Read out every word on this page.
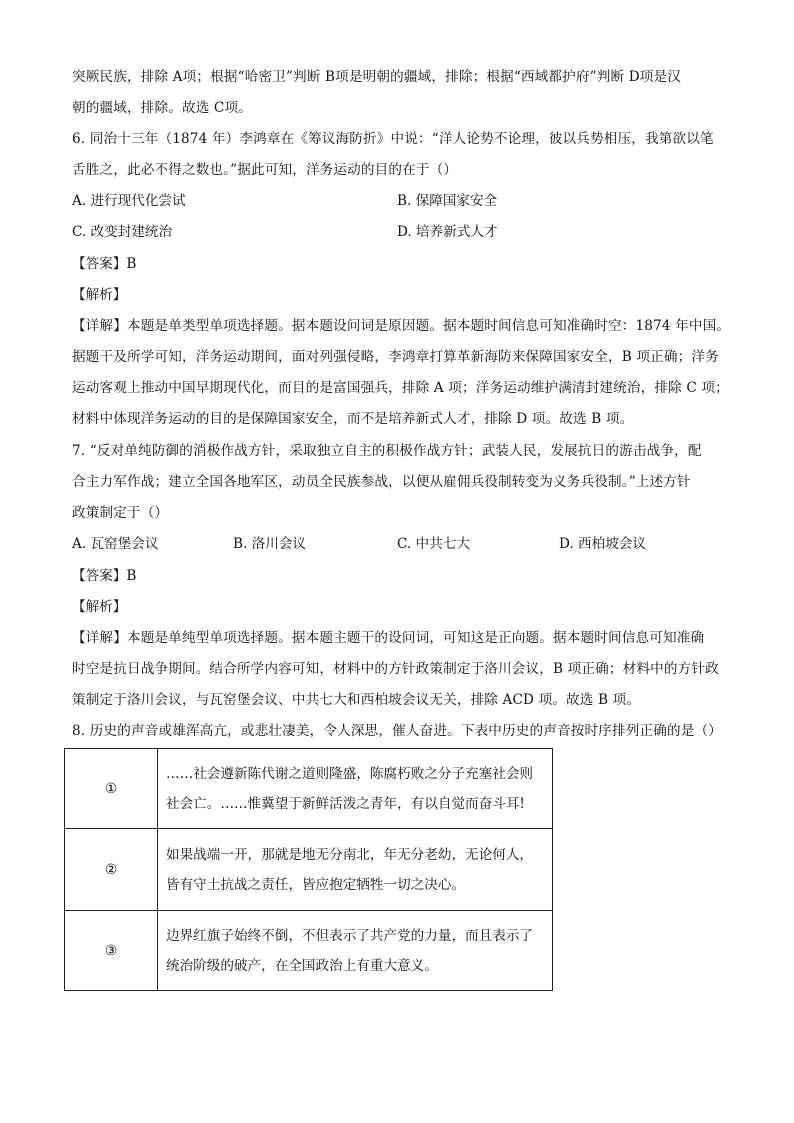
突厥民族，排除 A项；根据“哈密卫”判断 B项是明朝的疆域，排除；根据“西域都护府”判断 D项是汉
朝的疆域，排除。故选 C项。
6. 同治十三年（1874 年）李鸿章在《筹议海防折》中说：“洋人论势不论理，彼以兵势相压，我第欲以笔
舌胜之，此必不得之数也。”据此可知，洋务运动的目的在于（）
A. 进行现代化尝试	B. 保障国家安全
C. 改变封建统治	D. 培养新式人才
【答案】B
【解析】
【详解】本题是单类型单项选择题。据本题设问词是原因题。据本题时间信息可知准确时空：1874 年中国。
据题干及所学可知，洋务运动期间，面对列强侵略，李鸿章打算革新海防来保障国家安全，B 项正确；洋务
运动客观上推动中国早期现代化，而目的是富国强兵，排除 A 项；洋务运动维护满清封建统治，排除 C 项；
材料中体现洋务运动的目的是保障国家安全，而不是培养新式人才，排除 D 项。故选 B 项。
7. “反对单纯防御的消极作战方针，采取独立自主的积极作战方针；武装人民，发展抗日的游击战争，配
合主力军作战；建立全国各地军区，动员全民族参战，以便从雇佣兵役制转变为义务兵役制。”上述方针
政策制定于（）
A. 瓦窑堡会议	B. 洛川会议	C. 中共七大	D. 西柏坡会议
【答案】B
【解析】
【详解】本题是单纯型单项选择题。据本题主题干的设问词，可知这是正向题。据本题时间信息可知准确
时空是抗日战争期间。结合所学内容可知，材料中的方针政策制定于洛川会议，B 项正确；材料中的方针政
策制定于洛川会议，与瓦窑堡会议、中共七大和西柏坡会议无关，排除 ACD 项。故选 B 项。
8. 历史的声音或雄浑高亢，或悲壮凄美，令人深思，催人奋进。下表中历史的声音按时序排列正确的是（）
①	……社会遵新陈代谢之道则隆盛，陈腐朽败之分子充塞社会则社会亡。……惟冀望于新鲜活泼之青年，有以自觉而奋斗耳!
②	如果战端一开，那就是地无分南北，年无分老幼，无论何人，皆有守土抗战之责任，皆应抱定牺牲一切之决心。
③	边界红旗子始终不倒，不但表示了共产党的力量，而且表示了统治阶级的破产，在全国政治上有重大意义。
